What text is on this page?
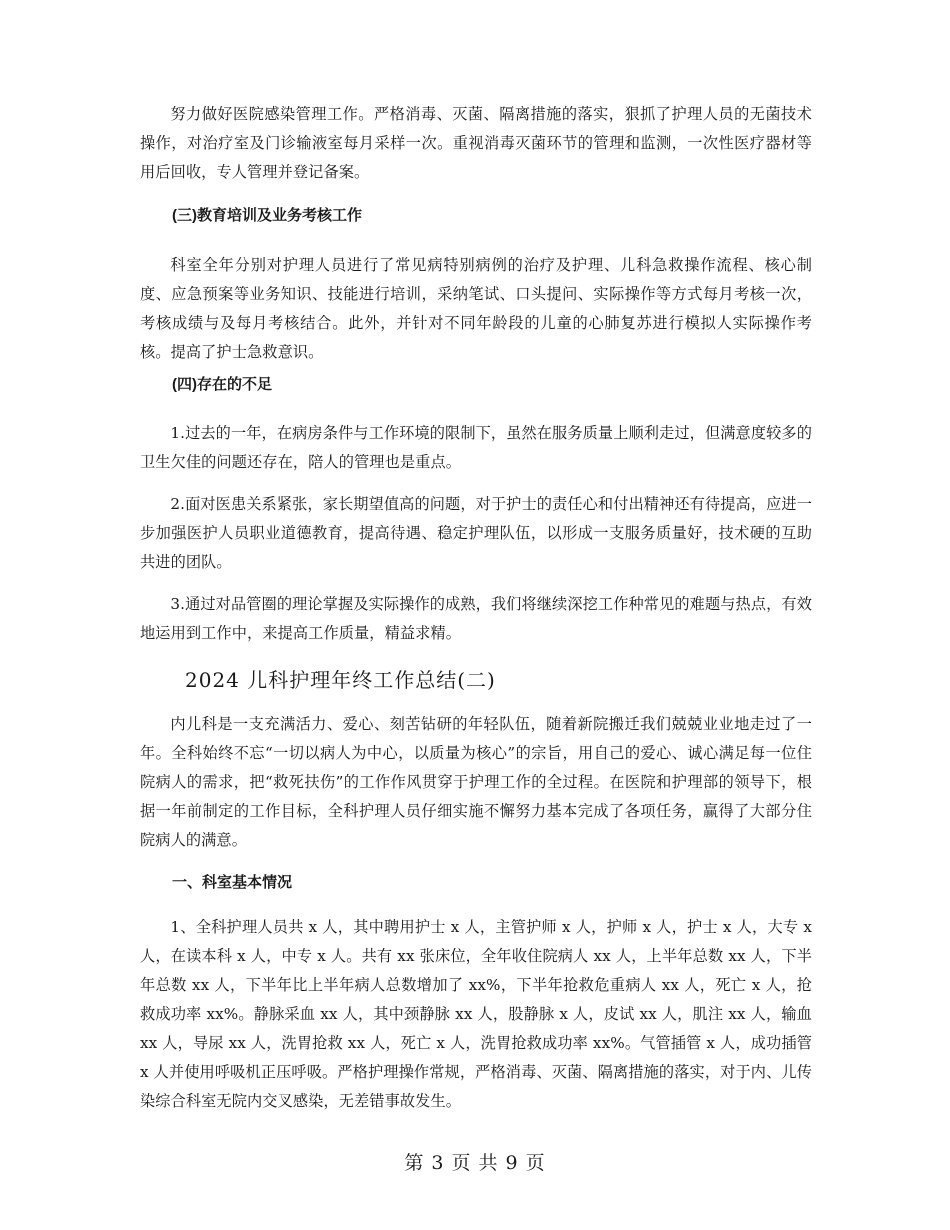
努力做好医院感染管理工作。严格消毒、灭菌、隔离措施的落实，狠抓了护理人员的无菌技术操作，对治疗室及门诊输液室每月采样一次。重视消毒灭菌环节的管理和监测，一次性医疗器材等用后回收，专人管理并登记备案。

(三)教育培训及业务考核工作

科室全年分别对护理人员进行了常见病特别病例的治疗及护理、儿科急救操作流程、核心制度、应急预案等业务知识、技能进行培训，采纳笔试、口头提问、实际操作等方式每月考核一次，考核成绩与及每月考核结合。此外，并针对不同年龄段的儿童的心肺复苏进行模拟人实际操作考核。提高了护士急救意识。

(四)存在的不足

1.过去的一年，在病房条件与工作环境的限制下，虽然在服务质量上顺利走过，但满意度较多的卫生欠佳的问题还存在，陪人的管理也是重点。

2.面对医患关系紧张，家长期望值高的问题，对于护士的责任心和付出精神还有待提高，应进一步加强医护人员职业道德教育，提高待遇、稳定护理队伍，以形成一支服务质量好，技术硬的互助共进的团队。

3.通过对品管圈的理论掌握及实际操作的成熟，我们将继续深挖工作种常见的难题与热点，有效地运用到工作中，来提高工作质量，精益求精。

2024 儿科护理年终工作总结(二)

内儿科是一支充满活力、爱心、刻苦钻研的年轻队伍，随着新院搬迁我们兢兢业业地走过了一年。全科始终不忘“一切以病人为中心，以质量为核心”的宗旨，用自己的爱心、诚心满足每一位住院病人的需求，把“救死扶伤”的工作作风贯穿于护理工作的全过程。在医院和护理部的领导下，根据一年前制定的工作目标，全科护理人员仔细实施不懈努力基本完成了各项任务，赢得了大部分住院病人的满意。

一、科室基本情况

1、全科护理人员共 x 人，其中聘用护士 x 人，主管护师 x 人，护师 x 人，护士 x 人，大专 x 人，在读本科 x 人，中专 x 人。共有 xx 张床位，全年收住院病人 xx 人，上半年总数 xx 人，下半年总数 xx 人，下半年比上半年病人总数增加了 xx%，下半年抢救危重病人 xx 人，死亡 x 人，抢救成功率 xx%。静脉采血 xx 人，其中颈静脉 xx 人，股静脉 x 人，皮试 xx 人，肌注 xx 人，输血 xx 人，导尿 xx 人，洗胃抢救 xx 人，死亡 x 人，洗胃抢救成功率 xx%。气管插管 x 人，成功插管 x 人并使用呼吸机正压呼吸。严格护理操作常规，严格消毒、灭菌、隔离措施的落实，对于内、儿传染综合科室无院内交叉感染，无差错事故发生。

第 3 页 共 9 页
